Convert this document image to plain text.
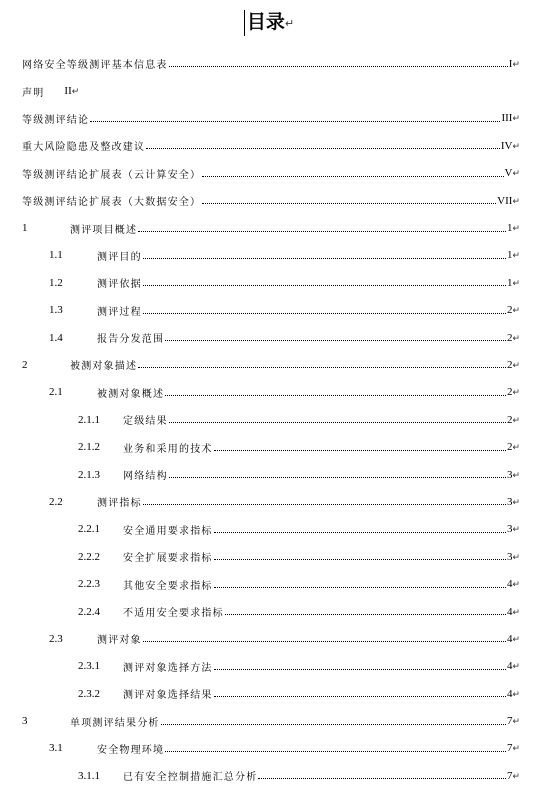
目录↵
网络安全等级测评基本信息表	I↵
声明 II↵
等级测评结论	III↵
重大风险隐患及整改建议	IV↵
等级测评结论扩展表（云计算安全）	V↵
等级测评结论扩展表（大数据安全）	VII↵
1	测评项目概述	1↵
1.1	测评目的	1↵
1.2	测评依据	1↵
1.3	测评过程	2↵
1.4	报告分发范围	2↵
2	被测对象描述	2↵
2.1	被测对象概述	2↵
2.1.1	定级结果	2↵
2.1.2	业务和采用的技术	2↵
2.1.3	网络结构	3↵
2.2	测评指标	3↵
2.2.1	安全通用要求指标	3↵
2.2.2	安全扩展要求指标	3↵
2.2.3	其他安全要求指标	4↵
2.2.4	不适用安全要求指标	4↵
2.3	测评对象	4↵
2.3.1	测评对象选择方法	4↵
2.3.2	测评对象选择结果	4↵
3	单项测评结果分析	7↵
3.1	安全物理环境	7↵
3.1.1	已有安全控制措施汇总分析	7↵
